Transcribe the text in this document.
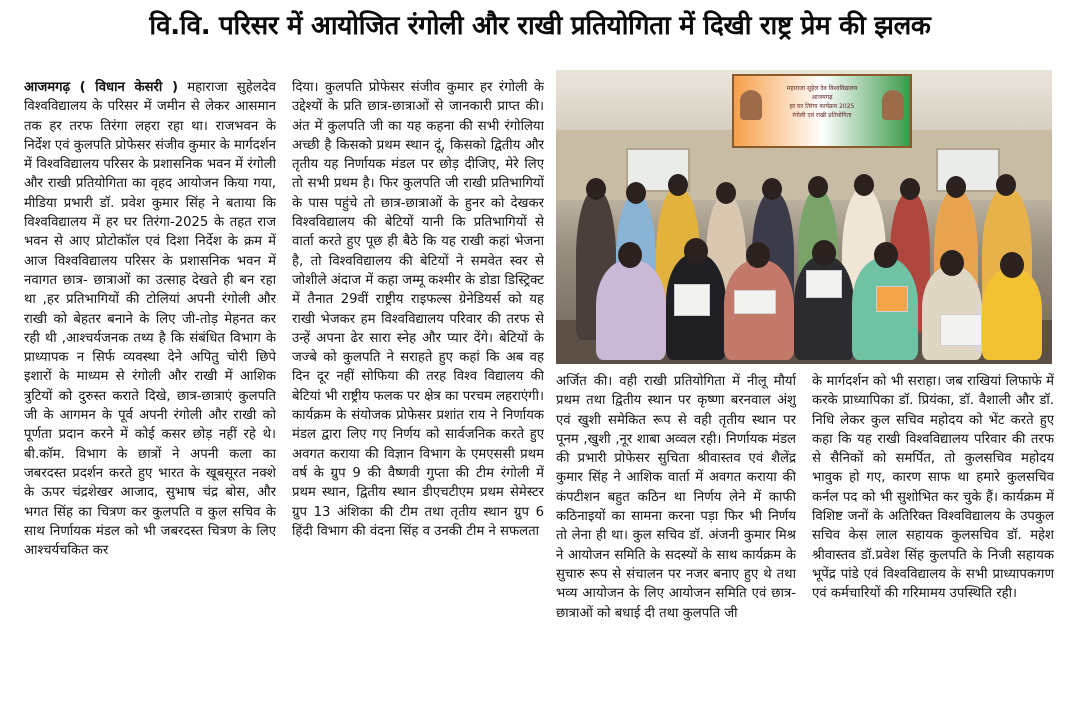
वि.वि. परिसर में आयोजित रंगोली और राखी प्रतियोगिता में दिखी राष्ट्र प्रेम की झलक

आजमगढ़ ( विधान केसरी ) महाराजा सुहेलदेव विश्वविद्यालय के परिसर में जमीन से लेकर आसमान तक हर तरफ तिरंगा लहरा रहा था। राजभवन के निर्देश एवं कुलपति प्रोफेसर संजीव कुमार के मार्गदर्शन में विश्वविद्यालय परिसर के प्रशासनिक भवन में रंगोली और राखी प्रतियोगिता का वृहद आयोजन किया गया, मीडिया प्रभारी डॉ. प्रवेश कुमार सिंह ने बताया कि विश्वविद्यालय में हर घर तिरंगा-2025 के तहत राज भवन से आए प्रोटोकॉल एवं दिशा निर्देश के क्रम में आज विश्वविद्यालय परिसर के प्रशासनिक भवन में नवागत छात्र- छात्राओं का उत्साह देखते ही बन रहा था ,हर प्रतिभागियों की टोलियां अपनी रंगोली और राखी को बेहतर बनाने के लिए जी-तोड़ मेहनत कर रही थी ,आश्चर्यजनक तथ्य है कि संबंधित विभाग के प्राध्यापक न सिर्फ व्यवस्था देने अपितु चोरी छिपे इशारों के माध्यम से रंगोली और राखी में आशिक त्रुटियों को दुरुस्त कराते दिखे, छात्र-छात्राएं कुलपति जी के आगमन के पूर्व अपनी रंगोली और राखी को पूर्णता प्रदान करने में कोई कसर छोड़ नहीं रहे थे। बी.कॉम. विभाग के छात्रों ने अपनी कला का जबरदस्त प्रदर्शन करते हुए भारत के खूबसूरत नक्शे के ऊपर चंद्रशेखर आजाद, सुभाष चंद्र बोस, और भगत सिंह का चित्रण कर कुलपति व कुल सचिव के साथ निर्णायक मंडल को भी जबरदस्त चित्रण के लिए आश्चर्यचकित कर

दिया। कुलपति प्रोफेसर संजीव कुमार हर रंगोली के उद्देश्यों के प्रति छात्र-छात्राओं से जानकारी प्राप्त की। अंत में कुलपति जी का यह कहना की सभी रंगोलिया अच्छी है किसको प्रथम स्थान दूं, किसको द्वितीय और तृतीय यह निर्णायक मंडल पर छोड़ दीजिए, मेरे लिए तो सभी प्रथम है। फिर कुलपति जी राखी प्रतिभागियों के पास पहुंचे तो छात्र-छात्राओं के हुनर को देखकर विश्वविद्यालय की बेटियों यानी कि प्रतिभागियों से वार्ता करते हुए पूछ ही बैठे कि यह राखी कहां भेजना है, तो विश्वविद्यालय की बेटियों ने समवेत स्वर से जोशीले अंदाज में कहा जम्मू कश्मीर के डोडा डिस्ट्रिक्ट में तैनात 29वीं राष्ट्रीय राइफल्स ग्रेनेडियर्स को यह राखी भेजकर हम विश्वविद्यालय परिवार की तरफ से उन्हें अपना ढेर सारा स्नेह और प्यार देंगे। बेटियों के जज्बे को कुलपति ने सराहते हुए कहां कि अब वह दिन दूर नहीं सोफिया की तरह विश्व विद्यालय की बेटियां भी राष्ट्रीय फलक पर क्षेत्र का परचम लहराएंगी। कार्यक्रम के संयोजक प्रोफेसर प्रशांत राय ने निर्णायक मंडल द्वारा लिए गए निर्णय को सार्वजनिक करते हुए अवगत कराया की विज्ञान विभाग के एमएससी प्रथम वर्ष के ग्रुप 9 की वैष्णवी गुप्ता की टीम रंगोली में प्रथम स्थान, द्वितीय स्थान डीएचटीएम प्रथम सेमेस्टर ग्रुप 13 अंशिका की टीम तथा तृतीय स्थान ग्रुप 6 हिंदी विभाग की वंदना सिंह व उनकी टीम ने सफलता

महाराजा सुहेल देव विश्वविद्यालय
आजमगढ़
हर घर तिरंगा कार्यक्रम 2025
रंगोली एवं राखी प्रतियोगिता

अर्जित की। वही राखी प्रतियोगिता में नीलू मौर्या प्रथम तथा द्वितीय स्थान पर कृष्णा बरनवाल अंशु एवं खुशी समेकित रूप से वही तृतीय स्थान पर पूनम ,खुशी ,नूर शाबा अव्वल रही। निर्णायक मंडल की प्रभारी प्रोफेसर सुचिता श्रीवास्तव एवं शैलेंद्र कुमार सिंह ने आशिक वार्ता में अवगत कराया की कंपटीशन बहुत कठिन था निर्णय लेने में काफी कठिनाइयों का सामना करना पड़ा फिर भी निर्णय तो लेना ही था। कुल सचिव डॉ. अंजनी कुमार मिश्र ने आयोजन समिति के सदस्यों के साथ कार्यक्रम के सुचारु रूप से संचालन पर नजर बनाए हुए थे तथा भव्य आयोजन के लिए आयोजन समिति एवं छात्र-छात्राओं को बधाई दी तथा कुलपति जी

के मार्गदर्शन को भी सराहा। जब राखियां लिफाफे में करके प्राध्यापिका डॉ. प्रियंका, डॉ. वैशाली और डॉ. निधि लेकर कुल सचिव महोदय को भेंट करते हुए कहा कि यह राखी विश्वविद्यालय परिवार की तरफ से सैनिकों को समर्पित, तो कुलसचिव महोदय भावुक हो गए, कारण साफ था हमारे कुलसचिव कर्नल पद को भी सुशोभित कर चुके हैं। कार्यक्रम में विशिष्ट जनों के अतिरिक्त विश्वविद्यालय के उपकुल सचिव केस लाल सहायक कुलसचिव डॉ. महेश श्रीवास्तव डॉ.प्रवेश सिंह कुलपति के निजी सहायक भूपेंद्र पांडे एवं विश्वविद्यालय के सभी प्राध्यापकगण एवं कर्मचारियों की गरिमामय उपस्थिति रही।
